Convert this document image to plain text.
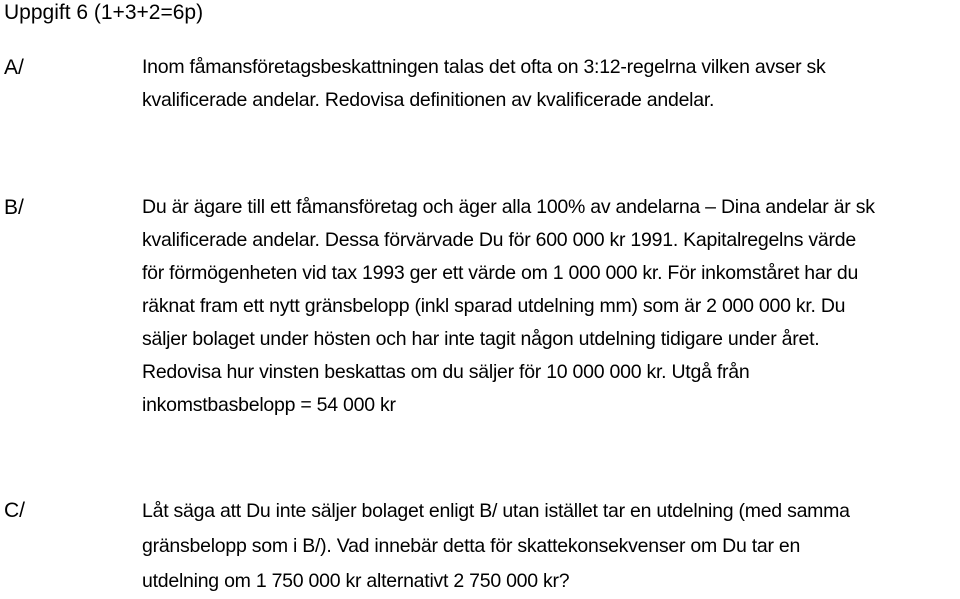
Uppgift 6 (1+3+2=6p)
A/	Inom fåmansföretagsbeskattningen talas det ofta on 3:12-regelrna vilken avser sk
kvalificerade andelar. Redovisa definitionen av kvalificerade andelar.
B/	Du är ägare till ett fåmansföretag och äger alla 100% av andelarna – Dina andelar är sk
kvalificerade andelar. Dessa förvärvade Du för 600 000 kr 1991. Kapitalregelns värde
för förmögenheten vid tax 1993 ger ett värde om 1 000 000 kr. För inkomståret har du
räknat fram ett nytt gränsbelopp (inkl sparad utdelning mm) som är 2 000 000 kr. Du
säljer bolaget under hösten och har inte tagit någon utdelning tidigare under året.
Redovisa hur vinsten beskattas om du säljer för 10 000 000 kr. Utgå från
inkomstbasbelopp = 54 000 kr
C/	Låt säga att Du inte säljer bolaget enligt B/ utan istället tar en utdelning (med samma
gränsbelopp som i B/). Vad innebär detta för skattekonsekvenser om Du tar en
utdelning om 1 750 000 kr alternativt 2 750 000 kr?
